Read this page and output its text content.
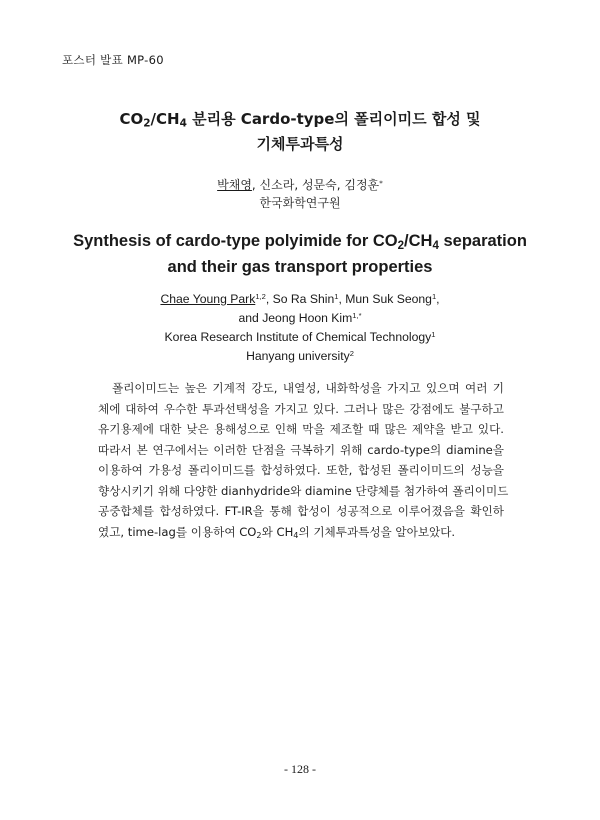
포스터 발표 MP-60
$CO_2/CH_4$ 분리용 Cardo-type의 폴리이미드 합성 및
기체투과특성
박채영, 신소라, 성문숙, 김정훈*
한국화학연구원
Synthesis of cardo-type polyimide for $CO_2/CH_4$ separation
and their gas transport properties
Chae Young Park$^{1,2}$, So Ra Shin$^1$, Mun Suk Seong$^1$,
and Jeong Hoon Kim$^{1,*}$
Korea Research Institute of Chemical Technology$^1$
Hanyang university$^2$
폴리이미드는 높은 기계적 강도, 내열성, 내화학성을 가지고 있으며 여러 기
체에 대하여 우수한 투과선택성을 가지고 있다. 그러나 많은 강점에도 불구하고
유기용제에 대한 낮은 용해성으로 인해 막을 제조할 때 많은 제약을 받고 있다.
따라서 본 연구에서는 이러한 단점을 극복하기 위해 cardo-type의 diamine을
이용하여 가용성 폴리이미드를 합성하였다. 또한, 합성된 폴리이미드의 성능을
향상시키기 위해 다양한 dianhydride와 diamine 단량체를 첨가하여 폴리이미드
공중합체를 합성하였다. FT-IR을 통해 합성이 성공적으로 이루어졌음을 확인하
였고, time-lag를 이용하여 $CO_2$와 $CH_4$의 기체투과특성을 알아보았다.
- 128 -
